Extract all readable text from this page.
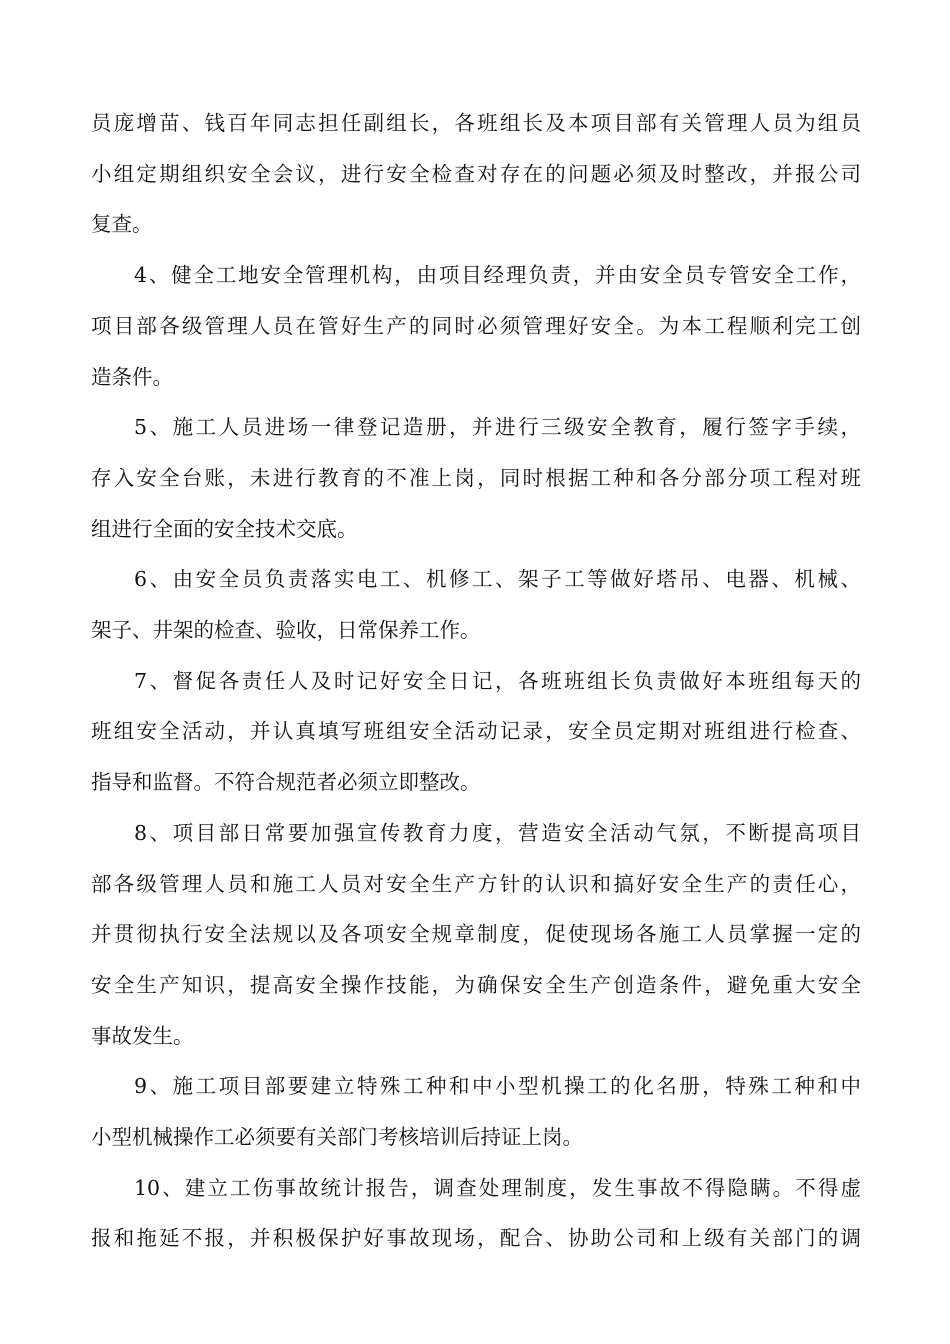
员庞增苗、钱百年同志担任副组长，各班组长及本项目部有关管理人员为组员
小组定期组织安全会议，进行安全检查对存在的问题必须及时整改，并报公司
复查。

4、健全工地安全管理机构，由项目经理负责，并由安全员专管安全工作，
项目部各级管理人员在管好生产的同时必须管理好安全。为本工程顺利完工创
造条件。

5、施工人员进场一律登记造册，并进行三级安全教育，履行签字手续，
存入安全台账，未进行教育的不准上岗，同时根据工种和各分部分项工程对班
组进行全面的安全技术交底。

6、由安全员负责落实电工、机修工、架子工等做好塔吊、电器、机械、
架子、井架的检查、验收，日常保养工作。

7、督促各责任人及时记好安全日记，各班班组长负责做好本班组每天的
班组安全活动，并认真填写班组安全活动记录，安全员定期对班组进行检查、
指导和监督。不符合规范者必须立即整改。

8、项目部日常要加强宣传教育力度，营造安全活动气氛，不断提高项目
部各级管理人员和施工人员对安全生产方针的认识和搞好安全生产的责任心，
并贯彻执行安全法规以及各项安全规章制度，促使现场各施工人员掌握一定的
安全生产知识，提高安全操作技能，为确保安全生产创造条件，避免重大安全
事故发生。

9、施工项目部要建立特殊工种和中小型机操工的化名册，特殊工种和中
小型机械操作工必须要有关部门考核培训后持证上岗。

10、建立工伤事故统计报告，调查处理制度，发生事故不得隐瞒。不得虚
报和拖延不报，并积极保护好事故现场，配合、协助公司和上级有关部门的调
